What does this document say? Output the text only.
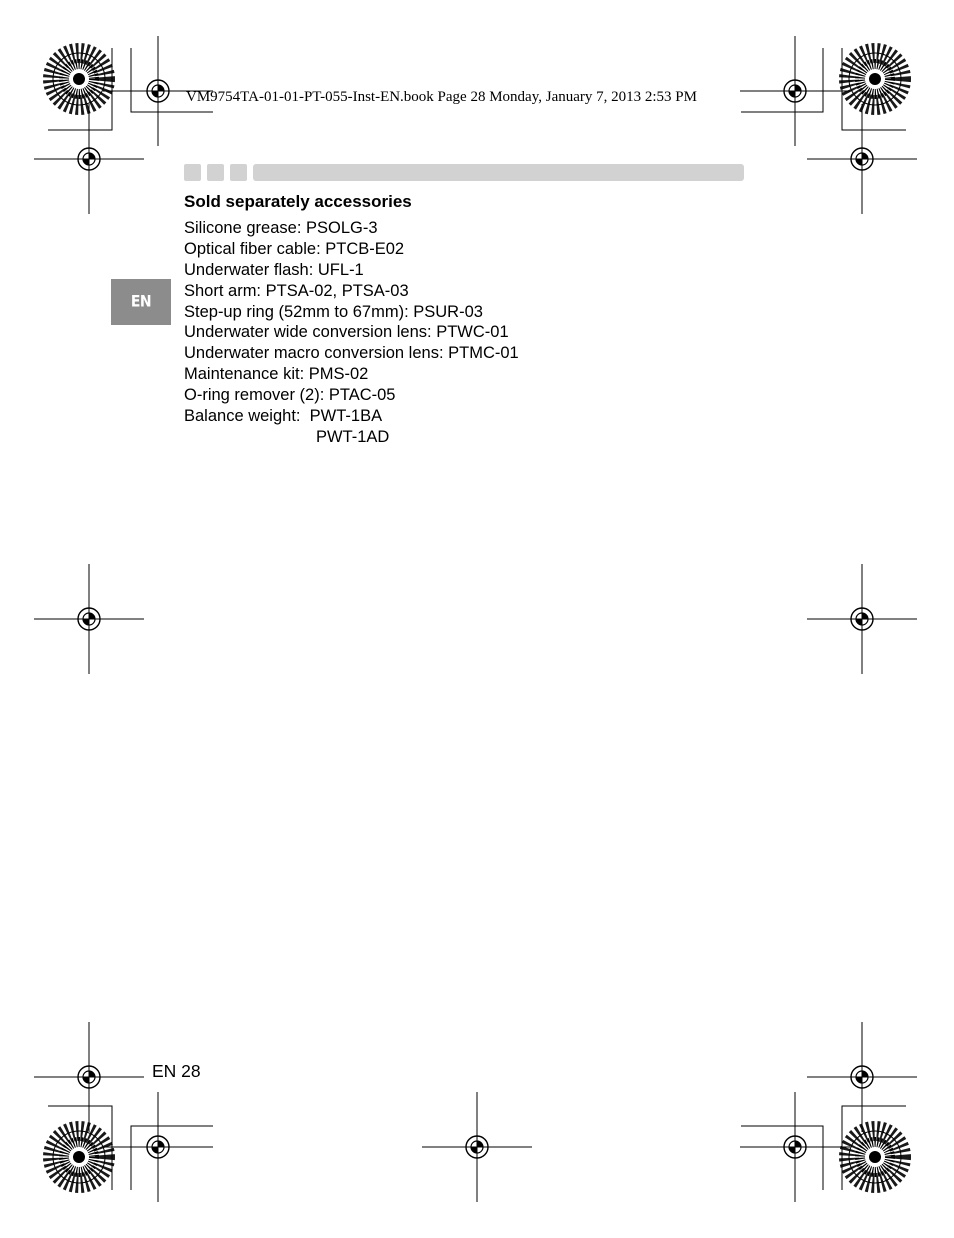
VM9754TA-01-01-PT-055-Inst-EN.book Page 28 Monday, January 7, 2013 2:53 PM
EN
Sold separately accessories
Silicone grease: PSOLG-3
Optical fiber cable: PTCB-E02
Underwater flash: UFL-1
Short arm: PTSA-02, PTSA-03
Step-up ring (52mm to 67mm): PSUR-03
Underwater wide conversion lens: PTWC-01
Underwater macro conversion lens: PTMC-01
Maintenance kit: PMS-02
O-ring remover (2): PTAC-05
Balance weight:  PWT-1BA
PWT-1AD
EN 28
